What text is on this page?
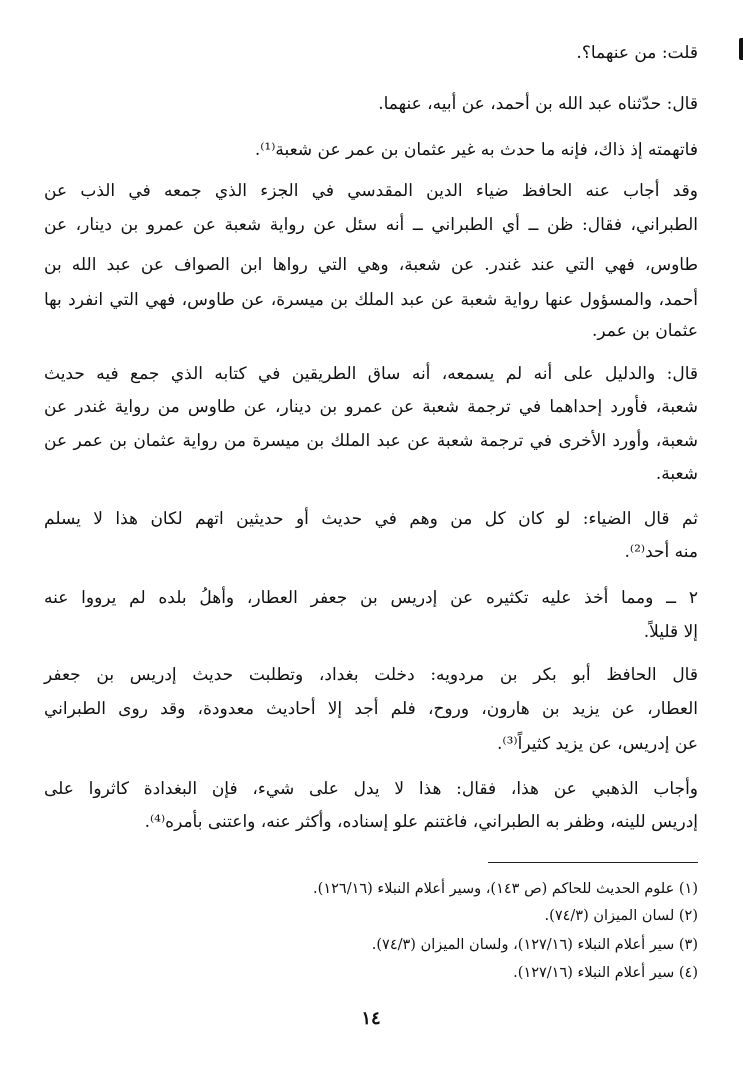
قلت: من عنهما؟.
قال: حدّثناه عبد الله بن أحمد، عن أبيه، عنهما.
فاتهمته إذ ذاك، فإنه ما حدث به غير عثمان بن عمر عن شعبة⁽¹⁾.
وقد أجاب عنه الحافظ ضياء الدين المقدسي في الجزء الذي جمعه في الذب عن
الطبراني، فقال: ظن ــ أي الطبراني ــ أنه سئل عن رواية شعبة عن عمرو بن دينار، عن
طاوس، فهي التي عند غندر. عن شعبة، وهي التي رواها ابن الصواف عن عبد الله بن
أحمد، والمسؤول عنها رواية شعبة عن عبد الملك بن ميسرة، عن طاوس، فهي التي انفرد بها
عثمان بن عمر.
قال: والدليل على أنه لم يسمعه، أنه ساق الطريقين في كتابه الذي جمع فيه حديث
شعبة، فأورد إحداهما في ترجمة شعبة عن عمرو بن دينار، عن طاوس من رواية غندر عن
شعبة، وأورد الأخرى في ترجمة شعبة عن عبد الملك بن ميسرة من رواية عثمان بن عمر عن
شعبة.
ثم قال الضياء: لو كان كل من وهم في حديث أو حديثين اتهم لكان هذا لا يسلم
منه أحد⁽²⁾.
٢ ــ ومما أخذ عليه تكثيره عن إدريس بن جعفر العطار، وأهلُ بلده لم يرووا عنه
إلا قليلاً.
قال الحافظ أبو بكر بن مردويه: دخلت بغداد، وتطلبت حديث إدريس بن جعفر
العطار، عن يزيد بن هارون، وروح، فلم أجد إلا أحاديث معدودة، وقد روى الطبراني
عن إدريس، عن يزيد كثيراً⁽³⁾.
وأجاب الذهبي عن هذا، فقال: هذا لا يدل على شيء، فإن البغدادة كاثروا على
إدريس للينه، وظفر به الطبراني، فاغتنم علو إسناده، وأكثر عنه، واعتنى بأمره⁽⁴⁾.
(١) علوم الحديث للحاكم (ص ١٤٣)، وسير أعلام النبلاء (١٢٦/١٦).
(٢) لسان الميزان (٧٤/٣).
(٣) سير أعلام النبلاء (١٢٧/١٦)، ولسان الميزان (٧٤/٣).
(٤) سير أعلام النبلاء (١٢٧/١٦).
١٤
